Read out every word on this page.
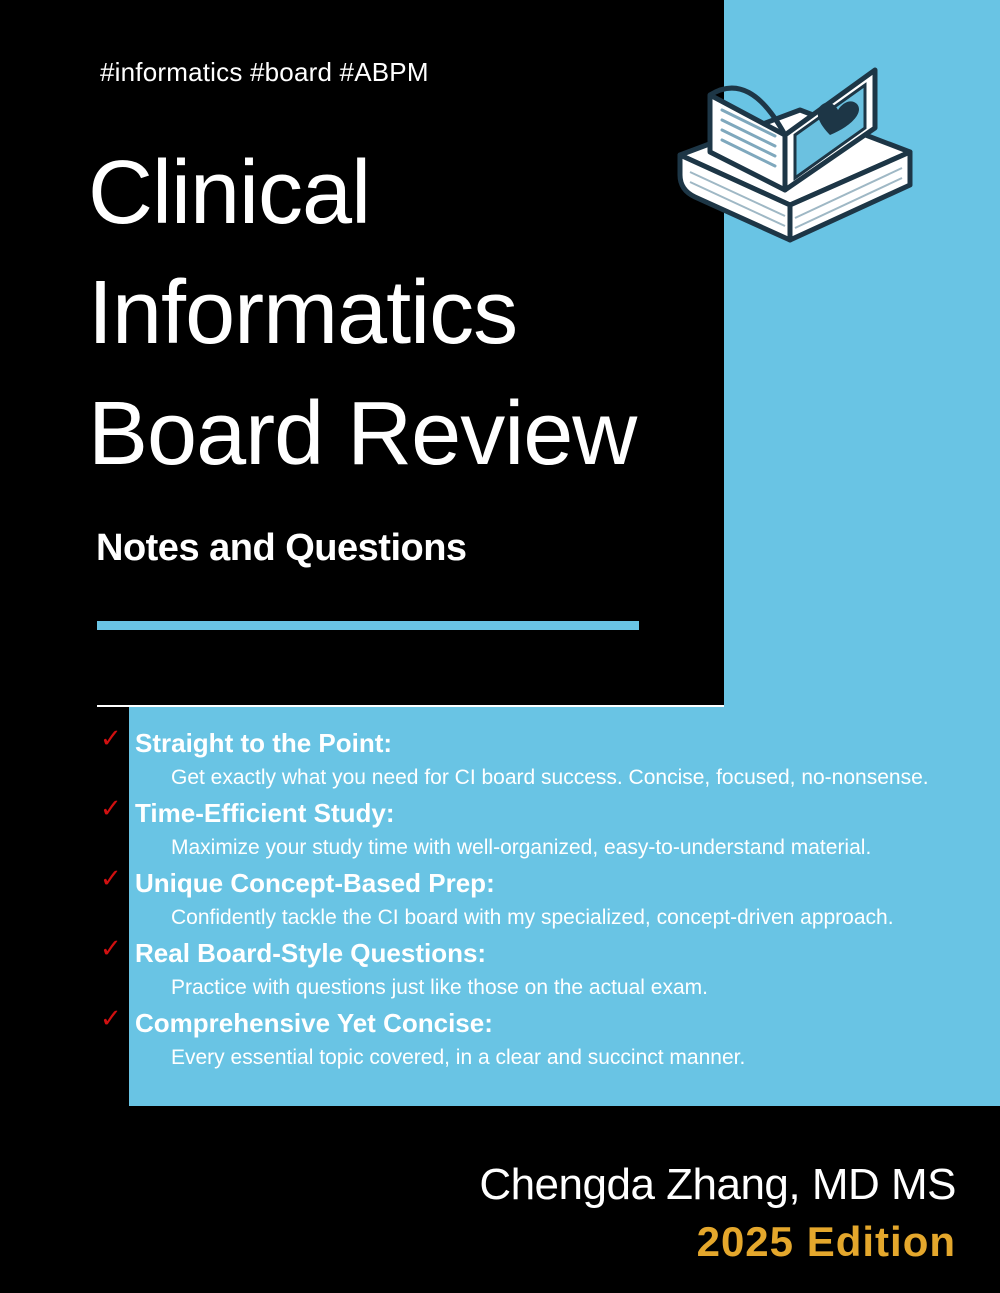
#informatics #board #ABPM
Clinical
Informatics
Board Review
Notes and Questions
✓ Straight to the Point:
Get exactly what you need for CI board success. Concise, focused, no-nonsense.
✓ Time-Efficient Study:
Maximize your study time with well-organized, easy-to-understand material.
✓ Unique Concept-Based Prep:
Confidently tackle the CI board with my specialized, concept-driven approach.
✓ Real Board-Style Questions:
Practice with questions just like those on the actual exam.
✓ Comprehensive Yet Concise:
Every essential topic covered, in a clear and succinct manner.
Chengda Zhang, MD MS
2025 Edition
